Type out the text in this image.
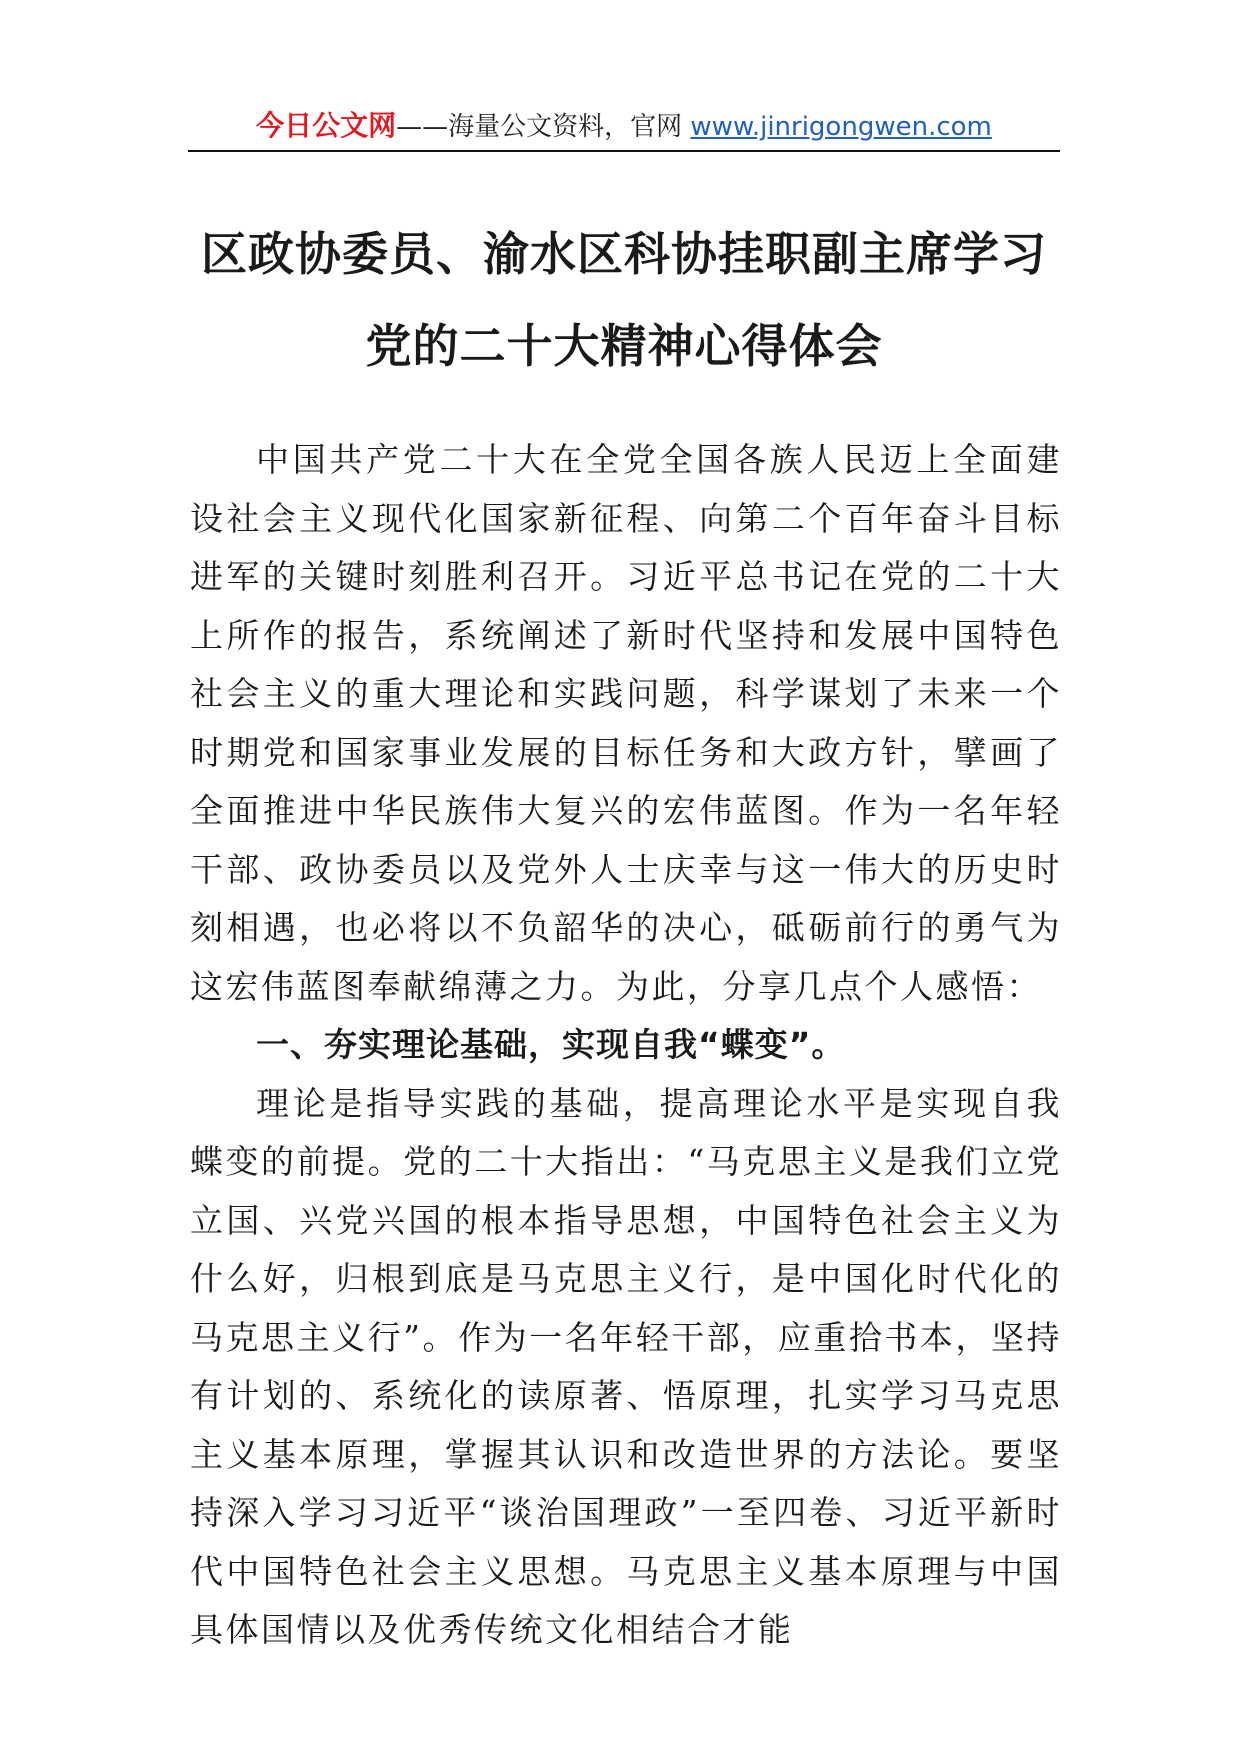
今日公文网——海量公文资料，官网 www.jinrigongwen.com
区政协委员、渝水区科协挂职副主席学习
党的二十大精神心得体会

中国共产党二十大在全党全国各族人民迈上全面建设社会主义现代化国家新征程、向第二个百年奋斗目标进军的关键时刻胜利召开。习近平总书记在党的二十大上所作的报告，系统阐述了新时代坚持和发展中国特色社会主义的重大理论和实践问题，科学谋划了未来一个时期党和国家事业发展的目标任务和大政方针，擘画了全面推进中华民族伟大复兴的宏伟蓝图。作为一名年轻干部、政协委员以及党外人士庆幸与这一伟大的历史时刻相遇，也必将以不负韶华的决心，砥砺前行的勇气为这宏伟蓝图奉献绵薄之力。为此，分享几点个人感悟：

一、夯实理论基础，实现自我“蝶变”。

理论是指导实践的基础，提高理论水平是实现自我蝶变的前提。党的二十大指出：“马克思主义是我们立党立国、兴党兴国的根本指导思想，中国特色社会主义为什么好，归根到底是马克思主义行，是中国化时代化的马克思主义行”。作为一名年轻干部，应重拾书本，坚持有计划的、系统化的读原著、悟原理，扎实学习马克思主义基本原理，掌握其认识和改造世界的方法论。要坚持深入学习习近平“谈治国理政”一至四卷、习近平新时代中国特色社会主义思想。马克思主义基本原理与中国具体国情以及优秀传统文化相结合才能
